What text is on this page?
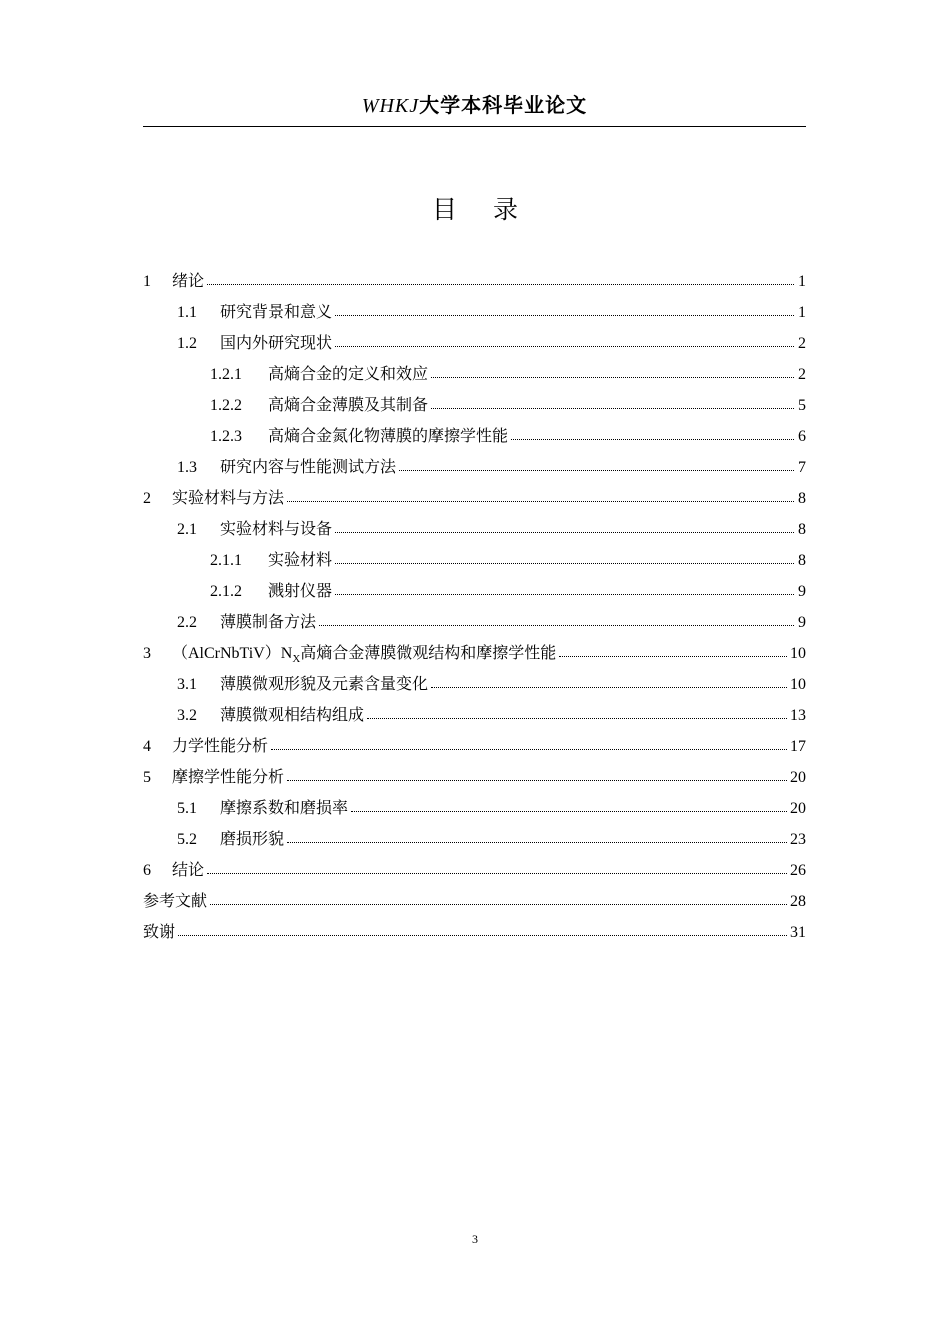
WHKJ大学本科毕业论文
目 录
1	绪论	1
1.1	研究背景和意义	1
1.2	国内外研究现状	2
1.2.1	高熵合金的定义和效应	2
1.2.2	高熵合金薄膜及其制备	5
1.2.3	高熵合金氮化物薄膜的摩擦学性能	6
1.3	研究内容与性能测试方法	7
2	实验材料与方法	8
2.1	实验材料与设备	8
2.1.1	实验材料	8
2.1.2	溅射仪器	9
2.2	薄膜制备方法	9
3	$(AlCrNbTiV)N_X$高熵合金薄膜微观结构和摩擦学性能	10
3.1	薄膜微观形貌及元素含量变化	10
3.2	薄膜微观相结构组成	13
4	力学性能分析	17
5	摩擦学性能分析	20
5.1	摩擦系数和磨损率	20
5.2	磨损形貌	23
6	结论	26
参考文献	28
致谢	31
3
